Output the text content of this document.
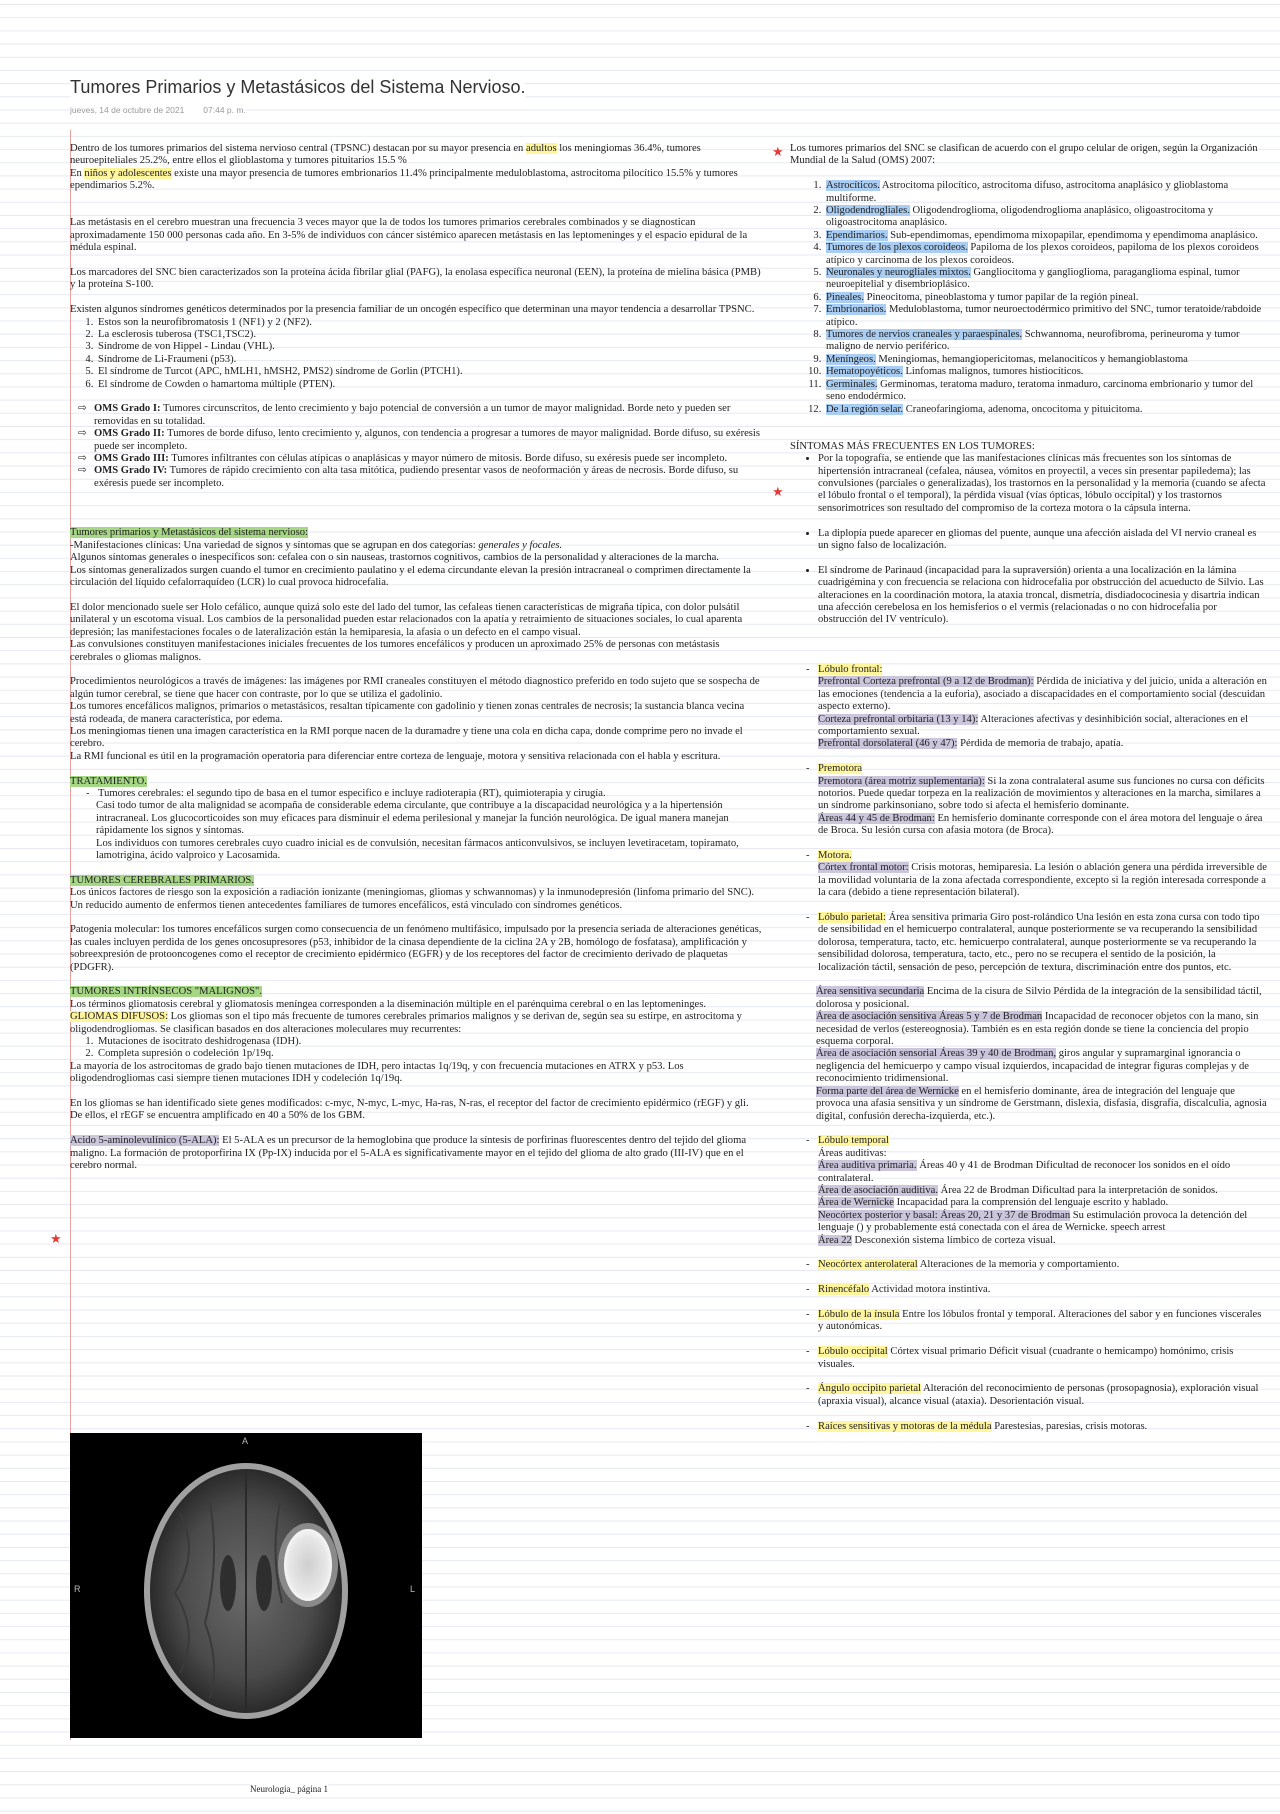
Tumores Primarios y Metastásicos del Sistema Nervioso.
jueves, 14 de octubre de 2021 07:44 p. m.
★
★
★

Dentro de los tumores primarios del sistema nervioso central (TPSNC) destacan por su mayor presencia en adultos los meningiomas 36.4%, tumores neuroepiteliales 25.2%, entre ellos el glioblastoma y tumores pituitarios 15.5 %
En niños y adolescentes existe una mayor presencia de tumores embrionarios 11.4% principalmente meduloblastoma, astrocitoma pilocítico 15.5% y tumores ependimarios 5.2%.

Las metástasis en el cerebro muestran una frecuencia 3 veces mayor que la de todos los tumores primarios cerebrales combinados y se diagnostican aproximadamente 150 000 personas cada año. En 3-5% de individuos con cáncer sistémico aparecen metástasis en las leptomeninges y el espacio epidural de la médula espinal.

Los marcadores del SNC bien caracterizados son la proteína ácida fibrilar glial (PAFG), la enolasa específica neuronal (EEN), la proteína de mielina básica (PMB) y la proteína S-100.

Existen algunos síndromes genéticos determinados por la presencia familiar de un oncogén específico que determinan una mayor tendencia a desarrollar TPSNC.

1. Estos son la neurofibromatosis 1 (NF1) y 2 (NF2).
2. La esclerosis tuberosa (TSC1,TSC2).
3. Síndrome de von Hippel - Lindau (VHL).
4. Síndrome de Li-Fraumeni (p53).
5. El síndrome de Turcot (APC, hMLH1, hMSH2, PMS2) síndrome de Gorlin (PTCH1).
6. El síndrome de Cowden o hamartoma múltiple (PTEN).
⇨ OMS Grado I: Tumores circunscritos, de lento crecimiento y bajo potencial de conversión a un tumor de mayor malignidad. Borde neto y pueden ser removidas en su totalidad.
⇨ OMS Grado II: Tumores de borde difuso, lento crecimiento y, algunos, con tendencia a progresar a tumores de mayor malignidad. Borde difuso, su exéresis puede ser incompleto.
⇨ OMS Grado III: Tumores infiltrantes con células atípicas o anaplásicas y mayor número de mitosis. Borde difuso, su exéresis puede ser incompleto.
⇨ OMS Grado IV: Tumores de rápido crecimiento con alta tasa mitótica, pudiendo presentar vasos de neoformación y áreas de necrosis. Borde difuso, su exéresis puede ser incompleto.

Tumores primarios y Metastásicos del sistema nervioso:

-Manifestaciones clínicas: Una variedad de signos y síntomas que se agrupan en dos categorías: generales y focales.

Algunos síntomas generales o inespecíficos son: cefalea con o sin nauseas, trastornos cognitivos, cambios de la personalidad y alteraciones de la marcha.

Los síntomas generalizados surgen cuando el tumor en crecimiento paulatino y el edema circundante elevan la presión intracraneal o comprimen directamente la circulación del líquido cefalorraquídeo (LCR) lo cual provoca hidrocefalia.

El dolor mencionado suele ser Holo cefálico, aunque quizá solo este del lado del tumor, las cefaleas tienen características de migraña típica, con dolor pulsátil unilateral y un escotoma visual. Los cambios de la personalidad pueden estar relacionados con la apatía y retraimiento de situaciones sociales, lo cual aparenta depresión; las manifestaciones focales o de lateralización están la hemiparesia, la afasia o un defecto en el campo visual.

Las convulsiones constituyen manifestaciones iniciales frecuentes de los tumores encefálicos y producen un aproximado 25% de personas con metástasis cerebrales o gliomas malignos.

Procedimientos neurológicos a través de imágenes: las imágenes por RMI craneales constituyen el método diagnostico preferido en todo sujeto que se sospecha de algún tumor cerebral, se tiene que hacer con contraste, por lo que se utiliza el gadolinio.

Los tumores encefálicos malignos, primarios o metastásicos, resaltan típicamente con gadolinio y tienen zonas centrales de necrosis; la sustancia blanca vecina está rodeada, de manera característica, por edema.

Los meningiomas tienen una imagen característica en la RMI porque nacen de la duramadre y tiene una cola en dicha capa, donde comprime pero no invade el cerebro.

La RMI funcional es útil en la programación operatoria para diferenciar entre corteza de lenguaje, motora y sensitiva relacionada con el habla y escritura.

TRATAMIENTO.

- Tumores cerebrales: el segundo tipo de basa en el tumor especifico e incluye radioterapia (RT), quimioterapia y cirugía.

Casi todo tumor de alta malignidad se acompaña de considerable edema circulante, que contribuye a la discapacidad neurológica y a la hipertensión intracraneal. Los glucocorticoides son muy eficaces para disminuir el edema perilesional y manejar la función neurológica. De igual manera manejan rápidamente los signos y síntomas.

Los individuos con tumores cerebrales cuyo cuadro inicial es de convulsión, necesitan fármacos anticonvulsivos, se incluyen levetiracetam, topiramato, lamotrigina, ácido valproico y Lacosamida.

TUMORES CEREBRALES PRIMARIOS.

Los únicos factores de riesgo son la exposición a radiación ionizante (meningiomas, gliomas y schwannomas) y la inmunodepresión (linfoma primario del SNC).

Un reducido aumento de enfermos tienen antecedentes familiares de tumores encefálicos, está vinculado con síndromes genéticos.

Patogenia molecular: los tumores encefálicos surgen como consecuencia de un fenómeno multifásico, impulsado por la presencia seriada de alteraciones genéticas, las cuales incluyen perdida de los genes oncosupresores (p53, inhibidor de la cinasa dependiente de la ciclina 2A y 2B, homólogo de fosfatasa), amplificación y sobreexpresión de protooncogenes como el receptor de crecimiento epidérmico (EGFR) y de los receptores del factor de crecimiento derivado de plaquetas (PDGFR).

TUMORES INTRÍNSECOS "MALIGNOS".

Los términos gliomatosis cerebral y gliomatosis meníngea corresponden a la diseminación múltiple en el parénquima cerebral o en las leptomeninges.

GLIOMAS DIFUSOS: Los gliomas son el tipo más frecuente de tumores cerebrales primarios malignos y se derivan de, según sea su estirpe, en astrocitoma y oligodendrogliomas. Se clasifican basados en dos alteraciones moleculares muy recurrentes:

1. Mutaciones de isocitrato deshidrogenasa (IDH).
2. Completa supresión o codeleción 1p/19q.

La mayoría de los astrocitomas de grado bajo tienen mutaciones de IDH, pero intactas 1q/19q, y con frecuencia mutaciones en ATRX y p53. Los oligodendrogliomas casi siempre tienen mutaciones IDH y codeleción 1q/19q.

En los gliomas se han identificado siete genes modificados: c-myc, N-myc, L-myc, Ha-ras, N-ras, el receptor del factor de crecimiento epidérmico (rEGF) y gli. De ellos, el rEGF se encuentra amplificado en 40 a 50% de los GBM.

Acido 5-aminolevulínico (5-ALA): El 5-ALA es un precursor de la hemoglobina que produce la síntesis de porfirinas fluorescentes dentro del tejido del glioma maligno. La formación de protoporfirina IX (Pp-IX) inducida por el 5-ALA es significativamente mayor en el tejido del glioma de alto grado (III-IV) que en el cerebro normal.

A
R	L

Los tumores primarios del SNC se clasifican de acuerdo con el grupo celular de origen, según la Organización Mundial de la Salud (OMS) 2007:

1. Astrocíticos. Astrocitoma pilocítico, astrocitoma difuso, astrocitoma anaplásico y glioblastoma multiforme.
2. Oligodendrogliales. Oligodendroglioma, oligodendroglioma anaplásico, oligoastrocitoma y oligoastrocitoma anaplásico.
3. Ependimarios. Sub-ependimomas, ependimoma mixopapilar, ependimoma y ependimoma anaplásico.
4. Tumores de los plexos coroideos. Papiloma de los plexos coroideos, papiloma de los plexos coroideos atípico y carcinoma de los plexos coroideos.
5. Neuronales y neurogliales mixtos. Gangliocitoma y ganglioglioma, paraganglioma espinal, tumor neuroepitelial y disembrioplásico.
6. Pineales. Pineocitoma, pineoblastoma y tumor papilar de la región pineal.
7. Embrionarios. Meduloblastoma, tumor neuroectodérmico primitivo del SNC, tumor teratoide/rabdoide atípico.
8. Tumores de nervios craneales y paraespinales. Schwannoma, neurofibroma, perineuroma y tumor maligno de nervio periférico.
9. Meníngeos. Meningiomas, hemangiopericitomas, melanocitícos y hemangioblastoma
10. Hematopoyéticos. Linfomas malignos, tumores histiocíticos.
11. Germinales. Germinomas, teratoma maduro, teratoma inmaduro, carcinoma embrionario y tumor del seno endodérmico.
12. De la región selar. Craneofaringioma, adenoma, oncocitoma y pituicitoma.

SÍNTOMAS MÁS FRECUENTES EN LOS TUMORES:

• Por la topografía, se entiende que las manifestaciones clínicas más frecuentes son los síntomas de hipertensión intracraneal (cefalea, náusea, vómitos en proyectil, a veces sin presentar papiledema); las convulsiones (parciales o generalizadas), los trastornos en la personalidad y la memoria (cuando se afecta el lóbulo frontal o el temporal), la pérdida visual (vías ópticas, lóbulo occipital) y los trastornos sensorimotrices son resultado del compromiso de la corteza motora o la cápsula interna.
• La diplopía puede aparecer en gliomas del puente, aunque una afección aislada del VI nervio craneal es un signo falso de localización.
• El síndrome de Parinaud (incapacidad para la supraversión) orienta a una localización en la lámina cuadrigémina y con frecuencia se relaciona con hidrocefalia por obstrucción del acueducto de Silvio. Las alteraciones en la coordinación motora, la ataxia troncal, dismetría, disdiadococinesia y disartria indican una afección cerebelosa en los hemisferios o el vermis (relacionadas o no con hidrocefalia por obstrucción del IV ventrículo).
- Lóbulo frontal:
Prefrontal Corteza prefrontal (9 a 12 de Brodman): Pérdida de iniciativa y del juicio, unida a alteración en las emociones (tendencia a la euforia), asociado a discapacidades en el comportamiento social (descuidan aspecto externo).
Corteza prefrontal orbitaria (13 y 14): Alteraciones afectivas y desinhibición social, alteraciones en el comportamiento sexual.
Prefrontal dorsolateral (46 y 47): Pérdida de memoria de trabajo, apatía.
- Premotora
Premotora (área motriz suplementaria): Si la zona contralateral asume sus funciones no cursa con déficits notorios. Puede quedar torpeza en la realización de movimientos y alteraciones en la marcha, similares a un síndrome parkinsoniano, sobre todo si afecta el hemisferio dominante.
Áreas 44 y 45 de Brodman: En hemisferio dominante corresponde con el área motora del lenguaje o área de Broca. Su lesión cursa con afasia motora (de Broca).
- Motora.
Córtex frontal motor: Crisis motoras, hemiparesia. La lesión o ablación genera una pérdida irreversible de la movilidad voluntaria de la zona afectada correspondiente, excepto si la región interesada corresponde a la cara (debido a tiene representación bilateral).
- Lóbulo parietal: Área sensitiva primaria Giro post-rolándico Una lesión en esta zona cursa con todo tipo de sensibilidad en el hemicuerpo contralateral, aunque posteriormente se va recuperando la sensibilidad dolorosa, temperatura, tacto, etc. hemicuerpo contralateral, aunque posteriormente se va recuperando la sensibilidad dolorosa, temperatura, tacto, etc., pero no se recupera el sentido de la posición, la localización táctil, sensación de peso, percepción de textura, discriminación entre dos puntos, etc.

Área sensitiva secundaria Encima de la cisura de Silvio Pérdida de la integración de la sensibilidad táctil, dolorosa y posicional.
Área de asociación sensitiva Áreas 5 y 7 de Brodman Incapacidad de reconocer objetos con la mano, sin necesidad de verlos (estereognosia). También es en esta región donde se tiene la conciencia del propio esquema corporal.
Área de asociación sensorial Áreas 39 y 40 de Brodman, giros angular y supramarginal ignorancia o negligencia del hemicuerpo y campo visual izquierdos, incapacidad de integrar figuras complejas y de reconocimiento tridimensional.
Forma parte del área de Wernicke en el hemisferio dominante, área de integración del lenguaje que provoca una afasia sensitiva y un síndrome de Gerstmann, dislexia, disfasia, disgrafía, discalculia, agnosia digital, confusión derecha-izquierda, etc.).

- Lóbulo temporal
Áreas auditivas:
Área auditiva primaria. Áreas 40 y 41 de Brodman Dificultad de reconocer los sonidos en el oído contralateral.
Área de asociación auditiva. Área 22 de Brodman Dificultad para la interpretación de sonidos.
Área de Wernicke Incapacidad para la comprensión del lenguaje escrito y hablado.
Neocórtex posterior y basal: Áreas 20, 21 y 37 de Brodman Su estimulación provoca la detención del lenguaje () y probablemente está conectada con el área de Wernicke. speech arrest
Área 22 Desconexión sistema límbico de corteza visual.
- Neocórtex anterolateral Alteraciones de la memoria y comportamiento.
- Rinencéfalo Actividad motora instintiva.
- Lóbulo de la ínsula Entre los lóbulos frontal y temporal. Alteraciones del sabor y en funciones viscerales y autonómicas.
- Lóbulo occipital Córtex visual primario Déficit visual (cuadrante o hemicampo) homónimo, crisis visuales.
- Ángulo occipito parietal Alteración del reconocimiento de personas (prosopagnosia), exploración visual (apraxia visual), alcance visual (ataxia). Desorientación visual.
- Raíces sensitivas y motoras de la médula Parestesias, paresias, crisis motoras.
Neurología_ página 1
